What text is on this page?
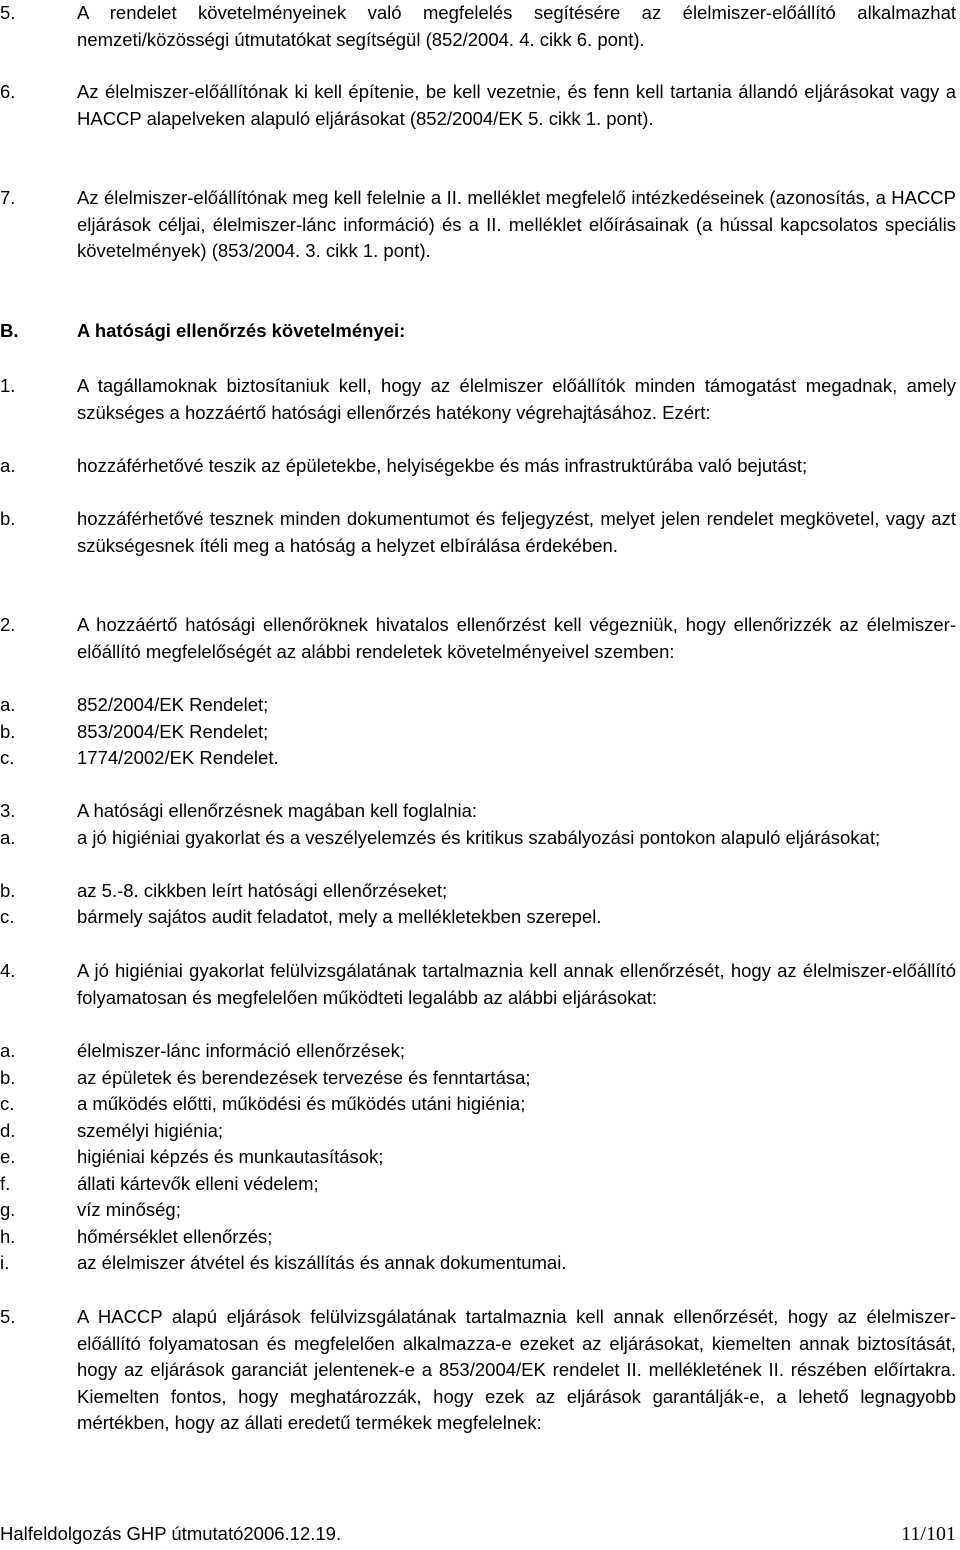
5.	A rendelet követelményeinek való megfelelés segítésére az élelmiszer-előállító alkalmazhat nemzeti/közösségi útmutatókat segítségül (852/2004. 4. cikk 6. pont).

6.	Az élelmiszer-előállítónak ki kell építenie, be kell vezetnie, és fenn kell tartania állandó eljárásokat vagy a HACCP alapelveken alapuló eljárásokat (852/2004/EK 5. cikk 1. pont).

7.	Az élelmiszer-előállítónak meg kell felelnie a II. melléklet megfelelő intézkedéseinek (azonosítás, a HACCP eljárások céljai, élelmiszer-lánc információ) és a II. melléklet előírásainak (a hússal kapcsolatos speciális követelmények) (853/2004. 3. cikk 1. pont).

B.	A hatósági ellenőrzés követelményei:

1.	A tagállamoknak biztosítaniuk kell, hogy az élelmiszer előállítók minden támogatást megadnak, amely szükséges a hozzáértő hatósági ellenőrzés hatékony végrehajtásához. Ezért:

a.	hozzáférhetővé teszik az épületekbe, helyiségekbe és más infrastruktúrába való bejutást;

b.	hozzáférhetővé tesznek minden dokumentumot és feljegyzést, melyet jelen rendelet megkövetel, vagy azt szükségesnek ítéli meg a hatóság a helyzet elbírálása érdekében.

2.	A hozzáértő hatósági ellenőröknek hivatalos ellenőrzést kell végezniük, hogy ellenőrizzék az élelmiszer-előállító megfelelőségét az alábbi rendeletek követelményeivel szemben:

a.	852/2004/EK Rendelet;

b.	853/2004/EK Rendelet;

c.	1774/2002/EK Rendelet.

3.	A hatósági ellenőrzésnek magában kell foglalnia:

a.	a jó higiéniai gyakorlat és a veszélyelemzés és kritikus szabályozási pontokon alapuló eljárásokat;

b.	az 5.-8. cikkben leírt hatósági ellenőrzéseket;

c.	bármely sajátos audit feladatot, mely a mellékletekben szerepel.

4.	A jó higiéniai gyakorlat felülvizsgálatának tartalmaznia kell annak ellenőrzését, hogy az élelmiszer-előállító folyamatosan és megfelelően működteti legalább az alábbi eljárásokat:

a.	élelmiszer-lánc információ ellenőrzések;

b.	az épületek és berendezések tervezése és fenntartása;

c.	a működés előtti, működési és működés utáni higiénia;

d.	személyi higiénia;

e.	higiéniai képzés és munkautasítások;

f.	állati kártevők elleni védelem;

g.	víz minőség;

h.	hőmérséklet ellenőrzés;

i.	az élelmiszer átvétel és kiszállítás és annak dokumentumai.

5.	A HACCP alapú eljárások felülvizsgálatának tartalmaznia kell annak ellenőrzését, hogy az élelmiszer-előállító folyamatosan és megfelelően alkalmazza-e ezeket az eljárásokat, kiemelten annak biztosítását, hogy az eljárások garanciát jelentenek-e a 853/2004/EK rendelet II. mellékletének II. részében előírtakra. Kiemelten fontos, hogy meghatározzák, hogy ezek az eljárások garantálják-e, a lehető legnagyobb mértékben, hogy az állati eredetű termékek megfelelnek:

Halfeldolgozás GHP útmutató2006.12.19.	11/101
